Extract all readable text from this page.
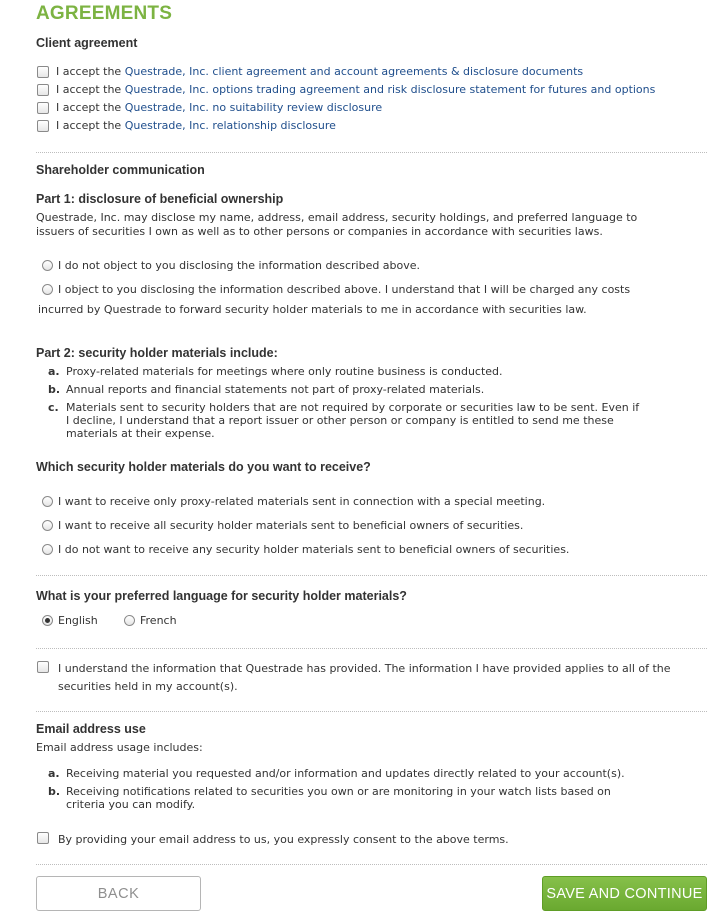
AGREEMENTS
Client agreement
I accept the Questrade, Inc. client agreement and account agreements & disclosure documents
I accept the Questrade, Inc. options trading agreement and risk disclosure statement for futures and options
I accept the Questrade, Inc. no suitability review disclosure
I accept the Questrade, Inc. relationship disclosure
Shareholder communication
Part 1: disclosure of beneficial ownership
Questrade, Inc. may disclose my name, address, email address, security holdings, and preferred language to
issuers of securities I own as well as to other persons or companies in accordance with securities laws.
I do not object to you disclosing the information described above.
I object to you disclosing the information described above. I understand that I will be charged any costs
incurred by Questrade to forward security holder materials to me in accordance with securities law.
Part 2: security holder materials include:
a. Proxy-related materials for meetings where only routine business is conducted.
b. Annual reports and financial statements not part of proxy-related materials.
c. Materials sent to security holders that are not required by corporate or securities law to be sent. Even if
I decline, I understand that a report issuer or other person or company is entitled to send me these
materials at their expense.
Which security holder materials do you want to receive?
I want to receive only proxy-related materials sent in connection with a special meeting.
I want to receive all security holder materials sent to beneficial owners of securities.
I do not want to receive any security holder materials sent to beneficial owners of securities.
What is your preferred language for security holder materials?
English	French
I understand the information that Questrade has provided. The information I have provided applies to all of the
securities held in my account(s).
Email address use
Email address usage includes:
a. Receiving material you requested and/or information and updates directly related to your account(s).
b. Receiving notifications related to securities you own or are monitoring in your watch lists based on
criteria you can modify.
By providing your email address to us, you expressly consent to the above terms.
BACK	SAVE AND CONTINUE
